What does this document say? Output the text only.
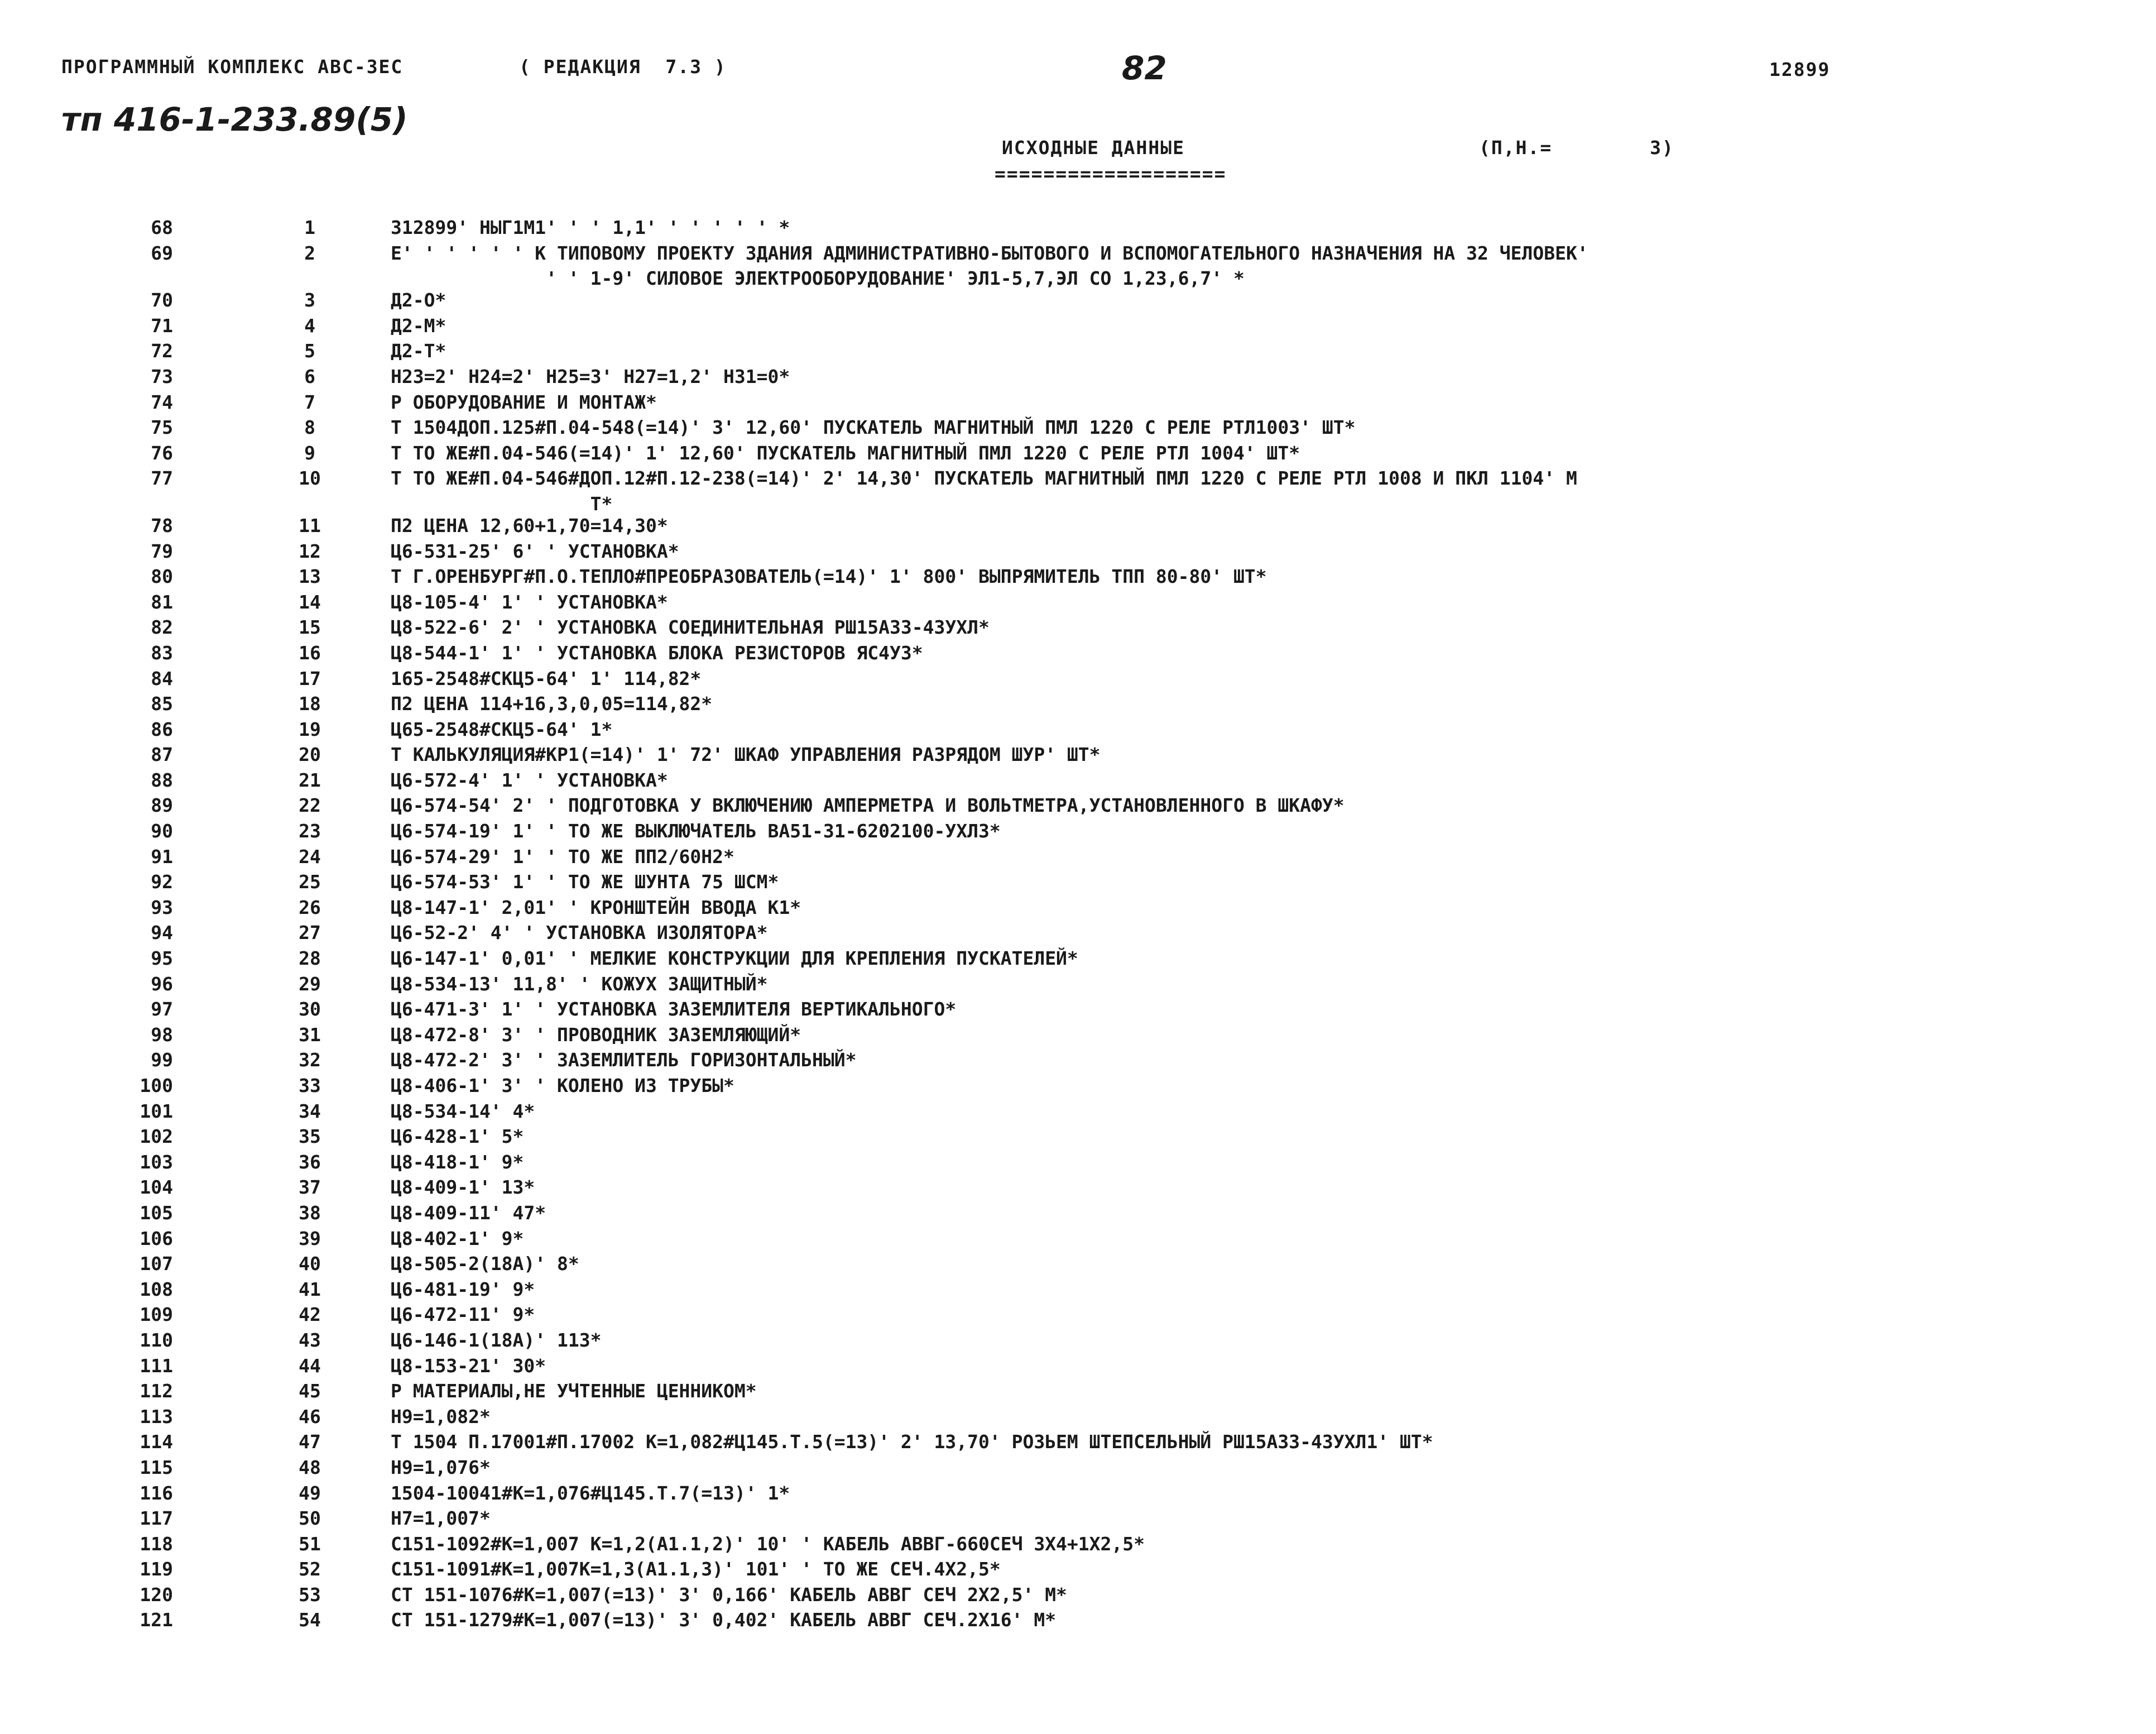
ПРОГРАММНЫЙ КОМПЛЕКС АВС-ЗЕС	( РЕДАКЦИЯ  7.3 )	82	12899
тп 416-1-233.89(5)
ИСХОДНЫЕ ДАННЫЕ
===================
(П,Н.=        3)
68	1	312899' НЫГ1М1' ' ' 1,1' ' ' ' ' ' *
69	2	Е' ' ' ' ' ' К ТИПОВОМУ ПРОЕКТУ ЗДАНИЯ АДМИНИСТРАТИВНО-БЫТОВОГО И ВСПОМОГАТЕЛЬНОГО НАЗНАЧЕНИЯ НА 32 ЧЕЛОВЕК'
' ' 1-9' СИЛОВОЕ ЭЛЕКТРООБОРУДОВАНИЕ' ЭЛ1-5,7,ЭЛ СО 1,23,6,7' *
70	3	Д2-О*
71	4	Д2-М*
72	5	Д2-Т*
73	6	Н23=2' Н24=2' Н25=3' Н27=1,2' Н31=0*
74	7	Р ОБОРУДОВАНИЕ И МОНТАЖ*
75	8	Т 1504ДОП.125#П.04-548(=14)' 3' 12,60' ПУСКАТЕЛЬ МАГНИТНЫЙ ПМЛ 1220 С РЕЛЕ РТЛ1003' ШТ*
76	9	Т ТО ЖЕ#П.04-546(=14)' 1' 12,60' ПУСКАТЕЛЬ МАГНИТНЫЙ ПМЛ 1220 С РЕЛЕ РТЛ 1004' ШТ*
77	10	Т ТО ЖЕ#П.04-546#ДОП.12#П.12-238(=14)' 2' 14,30' ПУСКАТЕЛЬ МАГНИТНЫЙ ПМЛ 1220 С РЕЛЕ РТЛ 1008 И ПКЛ 1104' М
Т*
78	11	П2 ЦЕНА 12,60+1,70=14,30*
79	12	Ц6-531-25' 6' ' УСТАНОВКА*
80	13	Т Г.ОРЕНБУРГ#П.О.ТЕПЛО#ПРЕОБРАЗОВАТЕЛЬ(=14)' 1' 800' ВЫПРЯМИТЕЛЬ ТПП 80-80' ШТ*
81	14	Ц8-105-4' 1' ' УСТАНОВКА*
82	15	Ц8-522-6' 2' ' УСТАНОВКА СОЕДИНИТЕЛЬНАЯ РШ15А33-43УХЛ*
83	16	Ц8-544-1' 1' ' УСТАНОВКА БЛОКА РЕЗИСТОРОВ ЯС4УЗ*
84	17	165-2548#СКЦ5-64' 1' 114,82*
85	18	П2 ЦЕНА 114+16,3,0,05=114,82*
86	19	Ц65-2548#СКЦ5-64' 1*
87	20	Т КАЛЬКУЛЯЦИЯ#КР1(=14)' 1' 72' ШКАФ УПРАВЛЕНИЯ РАЗРЯДОМ ШУР' ШТ*
88	21	Ц6-572-4' 1' ' УСТАНОВКА*
89	22	Ц6-574-54' 2' ' ПОДГОТОВКА У ВКЛЮЧЕНИЮ АМПЕРМЕТРА И ВОЛЬТМЕТРА,УСТАНОВЛЕННОГО В ШКАФУ*
90	23	Ц6-574-19' 1' ' ТО ЖЕ ВЫКЛЮЧАТЕЛЬ ВА51-31-6202100-УХЛ3*
91	24	Ц6-574-29' 1' ' ТО ЖЕ ПП2/60Н2*
92	25	Ц6-574-53' 1' ' ТО ЖЕ ШУНТА 75 ШСМ*
93	26	Ц8-147-1' 2,01' ' КРОНШТЕЙН ВВОДА К1*
94	27	Ц6-52-2' 4' ' УСТАНОВКА ИЗОЛЯТОРА*
95	28	Ц6-147-1' 0,01' ' МЕЛКИЕ КОНСТРУКЦИИ ДЛЯ КРЕПЛЕНИЯ ПУСКАТЕЛЕЙ*
96	29	Ц8-534-13' 11,8' ' КОЖУХ ЗАЩИТНЫЙ*
97	30	Ц6-471-3' 1' ' УСТАНОВКА ЗАЗЕМЛИТЕЛЯ ВЕРТИКАЛЬНОГО*
98	31	Ц8-472-8' 3' ' ПРОВОДНИК ЗАЗЕМЛЯЮЩИЙ*
99	32	Ц8-472-2' 3' ' ЗАЗЕМЛИТЕЛЬ ГОРИЗОНТАЛЬНЫЙ*
100	33	Ц8-406-1' 3' ' КОЛЕНО ИЗ ТРУБЫ*
101	34	Ц8-534-14' 4*
102	35	Ц6-428-1' 5*
103	36	Ц8-418-1' 9*
104	37	Ц8-409-1' 13*
105	38	Ц8-409-11' 47*
106	39	Ц8-402-1' 9*
107	40	Ц8-505-2(18А)' 8*
108	41	Ц6-481-19' 9*
109	42	Ц6-472-11' 9*
110	43	Ц6-146-1(18А)' 113*
111	44	Ц8-153-21' 30*
112	45	Р МАТЕРИАЛЫ,НЕ УЧТЕННЫЕ ЦЕННИКОМ*
113	46	Н9=1,082*
114	47	Т 1504 П.17001#П.17002 К=1,082#Ц145.Т.5(=13)' 2' 13,70' РОЗЬЕМ ШТЕПСЕЛЬНЫЙ РШ15А33-43УХЛ1' ШТ*
115	48	Н9=1,076*
116	49	1504-10041#К=1,076#Ц145.Т.7(=13)' 1*
117	50	Н7=1,007*
118	51	С151-1092#К=1,007 К=1,2(А1.1,2)' 10' ' КАБЕЛЬ АВВГ-660СЕЧ 3Х4+1Х2,5*
119	52	С151-1091#К=1,007К=1,3(А1.1,3)' 101' ' ТО ЖЕ СЕЧ.4Х2,5*
120	53	СТ 151-1076#К=1,007(=13)' 3' 0,166' КАБЕЛЬ АВВГ СЕЧ 2Х2,5' М*
121	54	СТ 151-1279#К=1,007(=13)' 3' 0,402' КАБЕЛЬ АВВГ СЕЧ.2Х16' М*
